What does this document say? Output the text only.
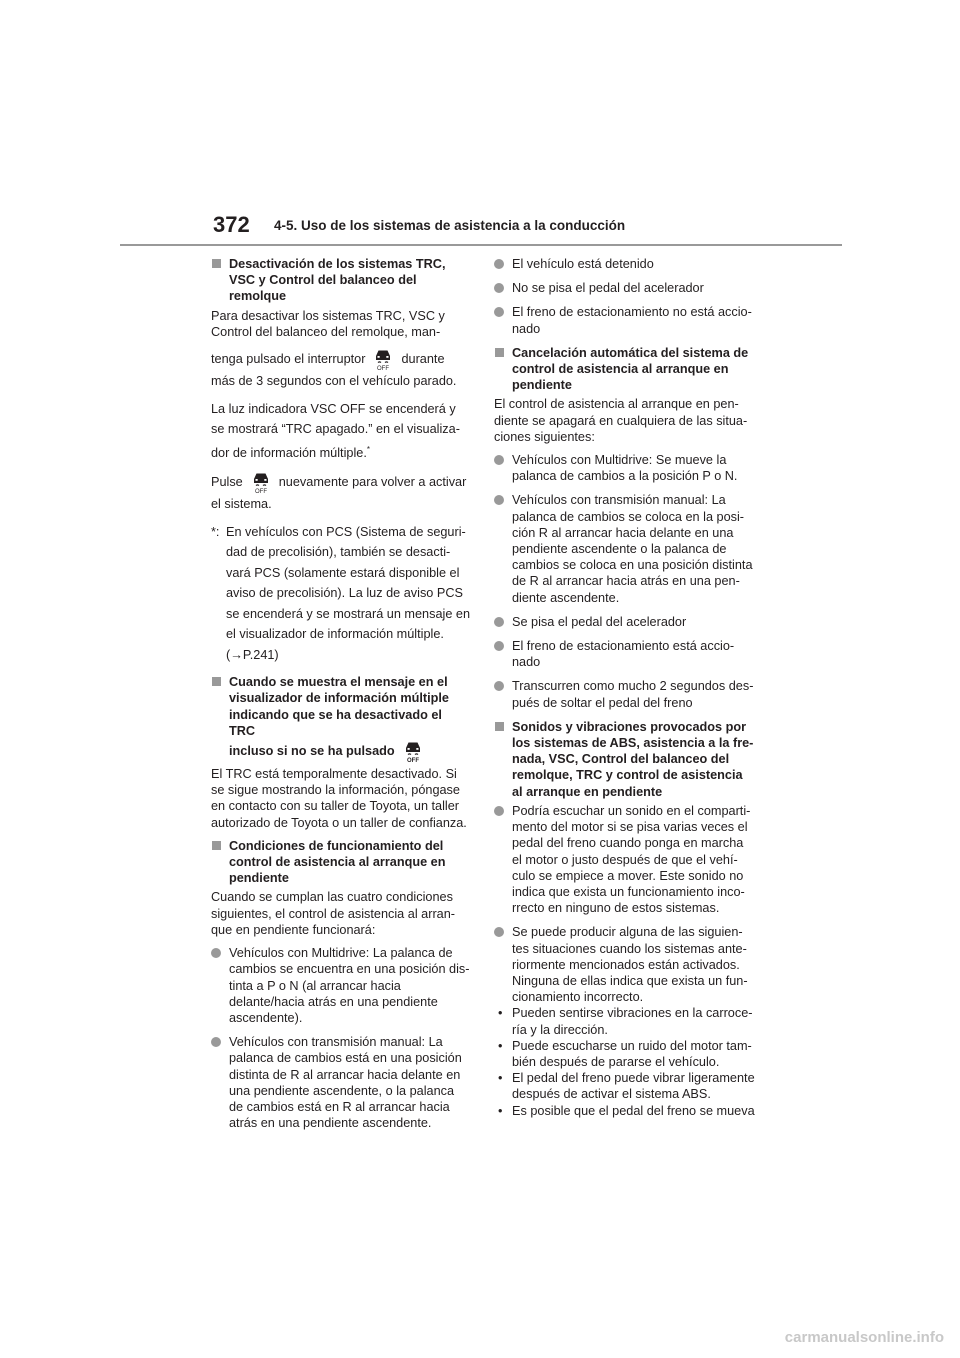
372 4-5. Uso de los sistemas de asistencia a la conducción
Desactivación de los sistemas TRC, VSC y Control del balanceo del remolque

Para desactivar los sistemas TRC, VSC y Control del balanceo del remolque, man-

tenga pulsado el interruptor
OFF
durante
más de 3 segundos con el vehículo parado.

La luz indicadora VSC OFF se encenderá y
se mostrará “TRC apagado.” en el visualiza-
dor de información múltiple.*

Pulse
OFF
nuevamente para volver a activar
el sistema.

*: En vehículos con PCS (Sistema de seguri- dad de precolisión), también se desacti- vará PCS (solamente estará disponible el aviso de precolisión). La luz de aviso PCS se encenderá y se mostrará un mensaje en el visualizador de información múltiple. (→P.241)
Cuando se muestra el mensaje en el visualizador de información múltiple indicando que se ha desactivado el TRC
incluso si no se ha pulsado
OFF

El TRC está temporalmente desactivado. Si se sigue mostrando la información, póngase en contacto con su taller de Toyota, un taller autorizado de Toyota o un taller de confianza.

Condiciones de funcionamiento del control de asistencia al arranque en pendiente

Cuando se cumplan las cuatro condiciones siguientes, el control de asistencia al arran- que en pendiente funcionará:

Vehículos con Multidrive: La palanca de cambios se encuentra en una posición dis- tinta a P o N (al arrancar hacia delante/hacia atrás en una pendiente ascendente).
Vehículos con transmisión manual: La palanca de cambios está en una posición distinta de R al arrancar hacia delante en una pendiente ascendente, o la palanca de cambios está en R al arrancar hacia atrás en una pendiente ascendente.
El vehículo está detenido
No se pisa el pedal del acelerador
El freno de estacionamiento no está accio- nado
Cancelación automática del sistema de control de asistencia al arranque en pendiente

El control de asistencia al arranque en pen- diente se apagará en cualquiera de las situa- ciones siguientes:

Vehículos con Multidrive: Se mueve la palanca de cambios a la posición P o N.
Vehículos con transmisión manual: La palanca de cambios se coloca en la posi- ción R al arrancar hacia delante en una pendiente ascendente o la palanca de cambios se coloca en una posición distinta de R al arrancar hacia atrás en una pen- diente ascendente.
Se pisa el pedal del acelerador
El freno de estacionamiento está accio- nado
Transcurren como mucho 2 segundos des- pués de soltar el pedal del freno
Sonidos y vibraciones provocados por los sistemas de ABS, asistencia a la fre- nada, VSC, Control del balanceo del remolque, TRC y control de asistencia al arranque en pendiente
Podría escuchar un sonido en el comparti- mento del motor si se pisa varias veces el pedal del freno cuando ponga en marcha el motor o justo después de que el vehí- culo se empiece a mover. Este sonido no indica que exista un funcionamiento inco- rrecto en ninguno de estos sistemas.
Se puede producir alguna de las siguien- tes situaciones cuando los sistemas ante- riormente mencionados están activados. Ninguna de ellas indica que exista un fun- cionamiento incorrecto.
• Pueden sentirse vibraciones en la carroce- ría y la dirección.
• Puede escucharse un ruido del motor tam- bién después de pararse el vehículo.
• El pedal del freno puede vibrar ligeramente después de activar el sistema ABS.
• Es posible que el pedal del freno se mueva
carmanualsonline.info
